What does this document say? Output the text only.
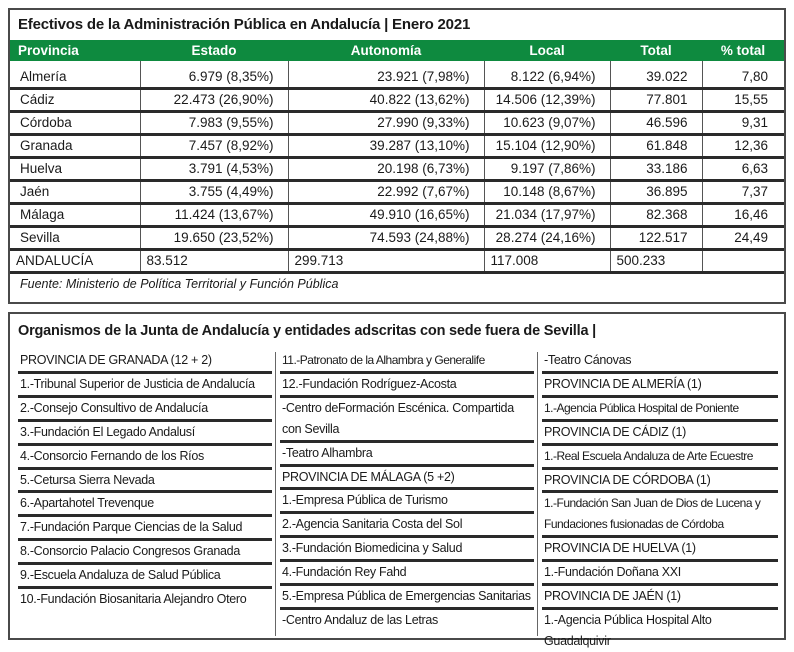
Efectivos de la Administración Pública en Andalucía | Enero 2021
Provincia	Estado	Autonomía	Local	Total	% total
Almería	6.979 (8,35%)	23.921 (7,98%)	8.122 (6,94%)	39.022	7,80
Cádiz	22.473 (26,90%)	40.822 (13,62%)	14.506 (12,39%)	77.801	15,55
Córdoba	7.983 (9,55%)	27.990 (9,33%)	10.623 (9,07%)	46.596	9,31
Granada	7.457 (8,92%)	39.287 (13,10%)	15.104 (12,90%)	61.848	12,36
Huelva	3.791 (4,53%)	20.198 (6,73%)	9.197 (7,86%)	33.186	6,63
Jaén	3.755 (4,49%)	22.992 (7,67%)	10.148 (8,67%)	36.895	7,37
Málaga	11.424 (13,67%)	49.910 (16,65%)	21.034 (17,97%)	82.368	16,46
Sevilla	19.650 (23,52%)	74.593 (24,88%)	28.274 (24,16%)	122.517	24,49
ANDALUCÍA	83.512	299.713	117.008	500.233	
Fuente: Ministerio de Política Territorial y Función Pública
Organismos de la Junta de Andalucía y entidades adscritas con sede fuera de Sevilla |
PROVINCIA DE GRANADA (12 + 2)
1.-Tribunal Superior de Justicia de Andalucía
2.-Consejo Consultivo de Andalucía
3.-Fundación El Legado Andalusí
4.-Consorcio Fernando de los Ríos
5.-Cetursa Sierra Nevada
6.-Apartahotel Trevenque
7.-Fundación Parque Ciencias de la Salud
8.-Consorcio Palacio Congresos Granada
9.-Escuela Andaluza de Salud Pública
10.-Fundación Biosanitaria Alejandro Otero
11.-Patronato de la Alhambra y Generalife
12.-Fundación Rodríguez-Acosta
-Centro deFormación Escénica. Compartida con Sevilla
-Teatro Alhambra
PROVINCIA DE MÁLAGA (5 +2)
1.-Empresa Pública de Turismo
2.-Agencia Sanitaria Costa del Sol
3.-Fundación Biomedicina y Salud
4.-Fundación Rey Fahd
5.-Empresa Pública de Emergencias Sanitarias
-Centro Andaluz de las Letras
-Teatro Cánovas
PROVINCIA DE ALMERÍA (1)
1.-Agencia Pública Hospital de Poniente
PROVINCIA DE CÁDIZ (1)
1.-Real Escuela Andaluza de Arte Ecuestre
PROVINCIA DE CÓRDOBA (1)
1.-Fundación San Juan de Dios de Lucena y Fundaciones fusionadas de Córdoba
PROVINCIA DE HUELVA (1)
1.-Fundación Doñana XXI
PROVINCIA DE JAÉN (1)
1.-Agencia Pública Hospital Alto Guadalquivir
